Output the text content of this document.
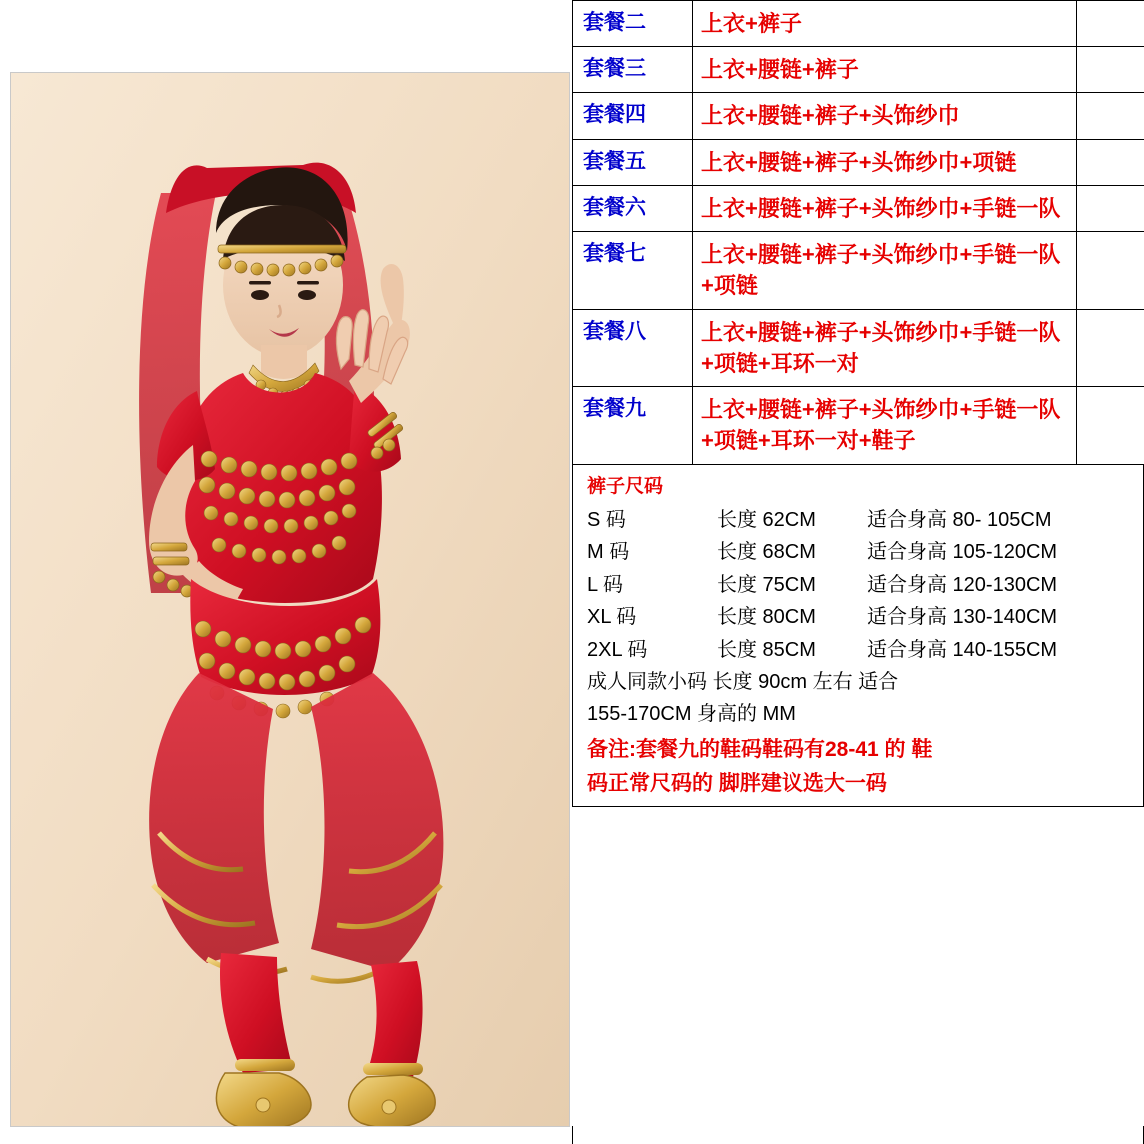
套餐二	上衣+裤子
套餐三	上衣+腰链+裤子
套餐四	上衣+腰链+裤子+头饰纱巾
套餐五	上衣+腰链+裤子+头饰纱巾+项链
套餐六	上衣+腰链+裤子+头饰纱巾+手链一队
套餐七	上衣+腰链+裤子+头饰纱巾+手链一队+项链
套餐八	上衣+腰链+裤子+头饰纱巾+手链一队+项链+耳环一对
套餐九	上衣+腰链+裤子+头饰纱巾+手链一队+项链+耳环一对+鞋子
裤子尺码
S 码	长度 62CM	适合身高 80- 105CM
M 码	长度 68CM	适合身高 105-120CM
L 码	长度 75CM	适合身高 120-130CM
XL 码	长度 80CM	适合身高 130-140CM
2XL 码	长度 85CM	适合身高 140-155CM
成人同款小码 长度 90cm 左右 适合
155-170CM 身高的 MM
备注:套餐九的鞋码鞋码有28-41 的 鞋
码正常尺码的 脚胖建议选大一码
